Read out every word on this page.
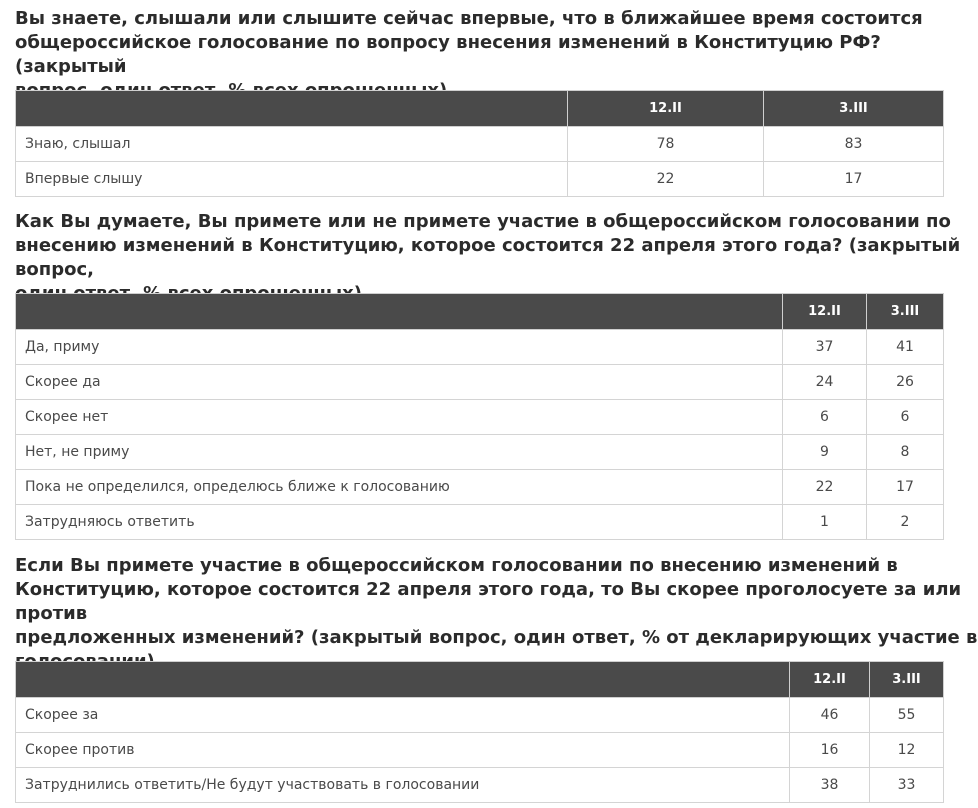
Вы знаете, слышали или слышите сейчас впервые, что в ближайшее время состоится
общероссийское голосование по вопросу внесения изменений в Конституцию РФ? (закрытый
вопрос, один ответ, % всех опрошенных)
	12.II	3.III
Знаю, слышал	78	83
Впервые слышу	22	17
Как Вы думаете, Вы примете или не примете участие в общероссийском голосовании по
внесению изменений в Конституцию, которое состоится 22 апреля этого года? (закрытый вопрос,
один ответ, % всех опрошенных)
	12.II	3.III
Да, приму	37	41
Скорее да	24	26
Скорее нет	6	6
Нет, не приму	9	8
Пока не определился, определюсь ближе к голосованию	22	17
Затрудняюсь ответить	1	2
Если Вы примете участие в общероссийском голосовании по внесению изменений в
Конституцию, которое состоится 22 апреля этого года, то Вы скорее проголосуете за или против
предложенных изменений? (закрытый вопрос, один ответ, % от декларирующих участие в
голосовании)
	12.II	3.III
Скорее за	46	55
Скорее против	16	12
Затруднились ответить/Не будут участвовать в голосовании	38	33
